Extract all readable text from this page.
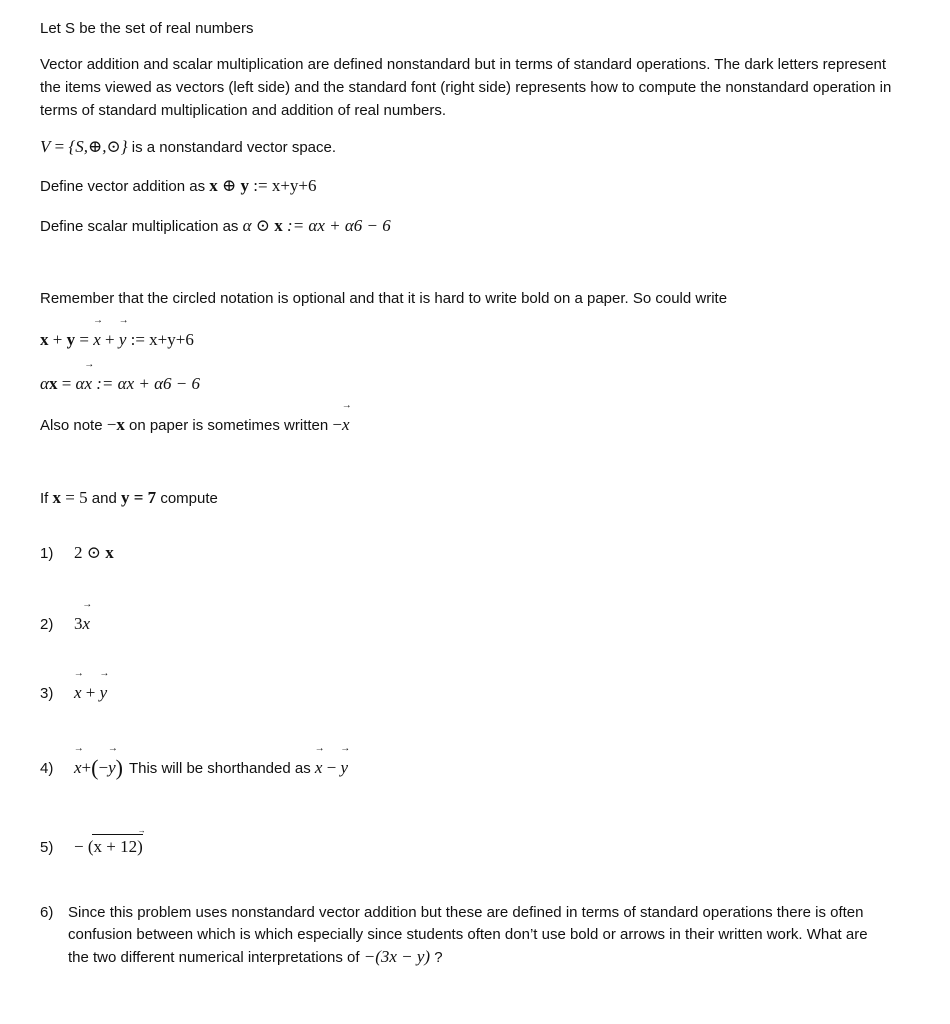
Let S be the set of real numbers
Vector addition and scalar multiplication are defined nonstandard but in terms of standard operations. The dark letters represent the items viewed as vectors (left side) and the standard font (right side) represents how to compute the nonstandard operation in terms of standard multiplication and addition of real numbers.
V = {S,⊕,⊙} is a nonstandard vector space.
Define vector addition as x ⊕ y := x+y+6
Define scalar multiplication as α ⊙ x := αx + α6 − 6
Remember that the circled notation is optional and that it is hard to write bold on a paper. So could write
x + y = → x + → y := x+y+6
αx = α→ x := αx + α6 − 6
Also note −x on paper is sometimes written −→ x
If x = 5 and y = 7 compute
1) 2 ⊙ x
2) 3→ x
3) → x + → y
4) → x+(−→ y) This will be shorthanded as → x − → y
5) − (x + 12) →
6) Since this problem uses nonstandard vector addition but these are defined in terms of standard operations there is often confusion between which is which especially since students often don’t use bold or arrows in their written work. What are the two different numerical interpretations of −(3x − y) ?
